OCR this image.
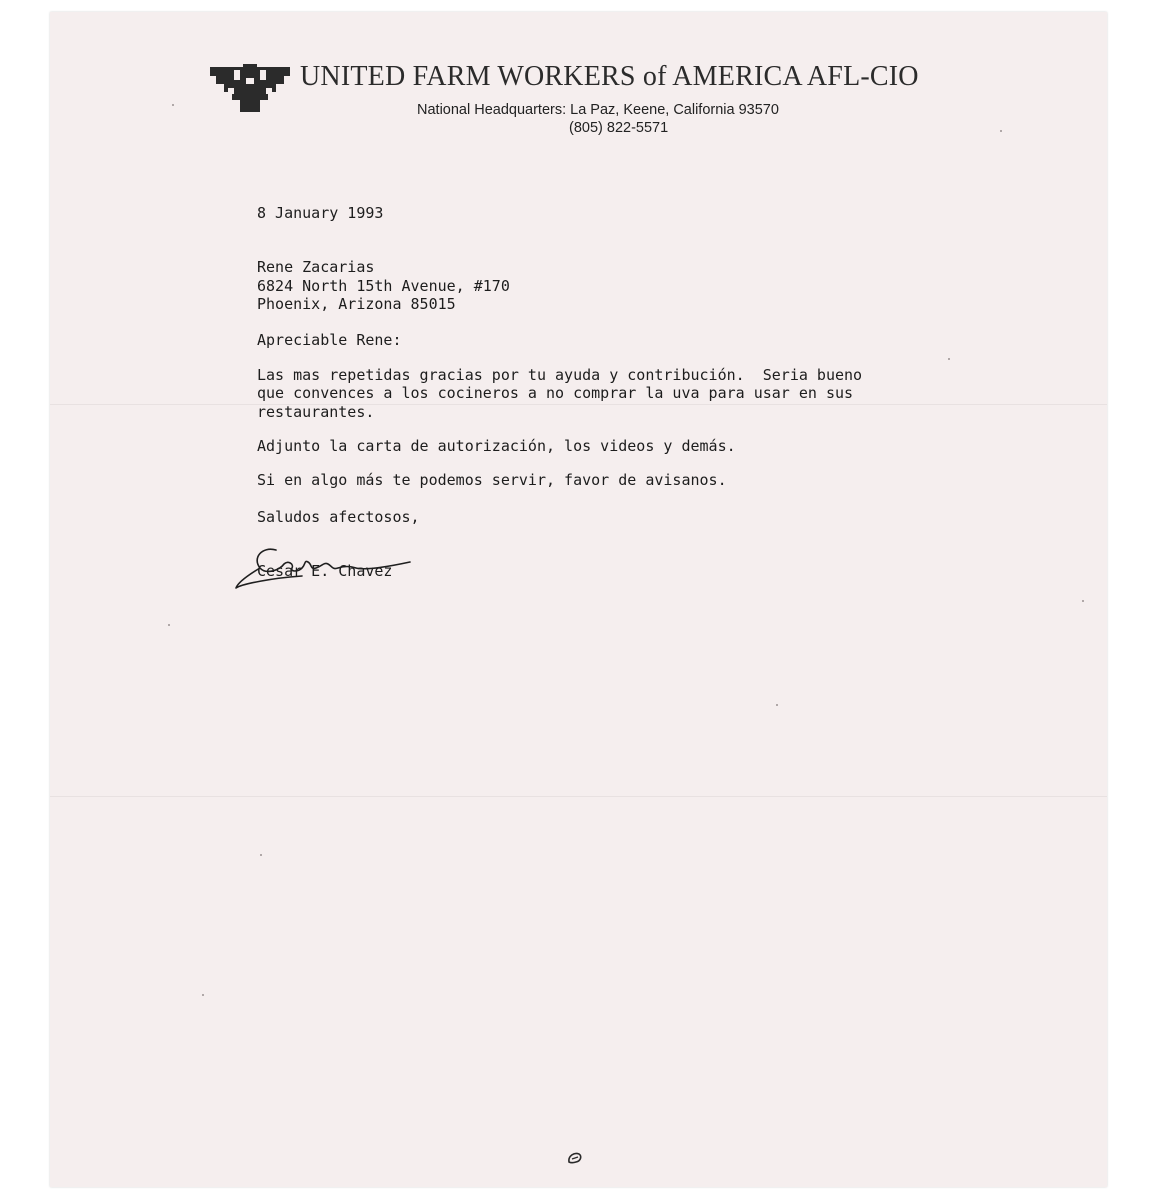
UNITED FARM WORKERS of AMERICA AFL-CIO
National Headquarters: La Paz, Keene, California 93570
(805) 822-5571
8 January 1993
Rene Zacarias
6824 North 15th Avenue, #170
Phoenix, Arizona 85015
Apreciable Rene:
Las mas repetidas gracias por tu ayuda y contribución.  Seria bueno
que convences a los cocineros a no comprar la uva para usar en sus
restaurantes.
Adjunto la carta de autorización, los videos y demás.
Si en algo más te podemos servir, favor de avisanos.
Saludos afectosos,
Cesar E. Chavez
